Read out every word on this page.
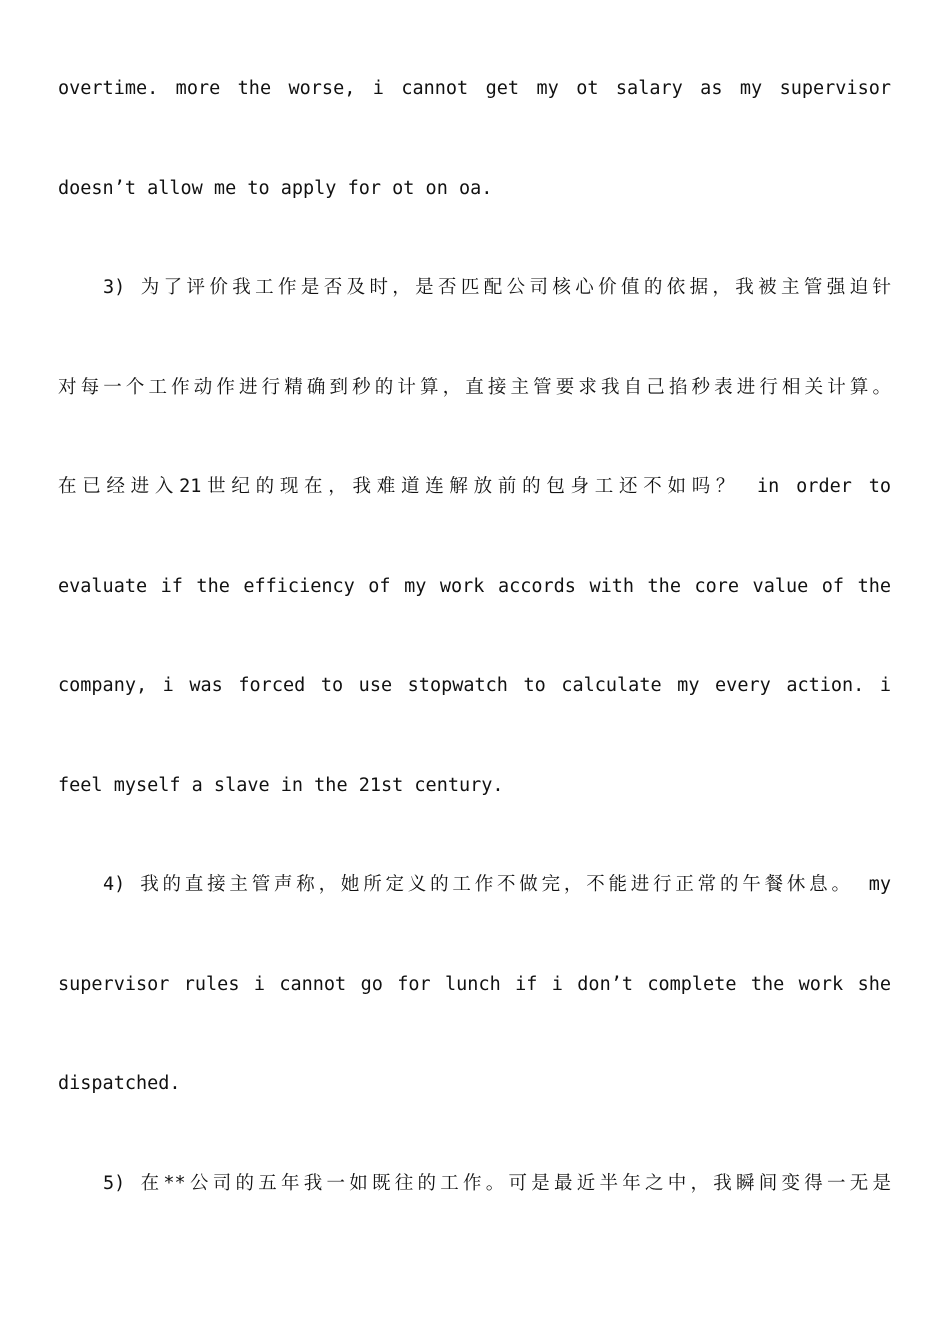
overtime. more the worse, i cannot get my ot salary as my supervisor
doesn’t allow me to apply for ot on oa.
3) 为了评价我工作是否及时，是否匹配公司核心价值的依据，我被主管强迫针
对每一个工作动作进行精确到秒的计算，直接主管要求我自己掐秒表进行相关计算。
在已经进入21世纪的现在，我难道连解放前的包身工还不如吗？ in order to
evaluate if the efficiency of my work accords with the core value of the
company, i was forced to use stopwatch to calculate my every action. i
feel myself a slave in the 21st century.
4) 我的直接主管声称，她所定义的工作不做完，不能进行正常的午餐休息。 my
supervisor rules i cannot go for lunch if i don’t complete the work she
dispatched.
5) 在**公司的五年我一如既往的工作。可是最近半年之中，我瞬间变得一无是
